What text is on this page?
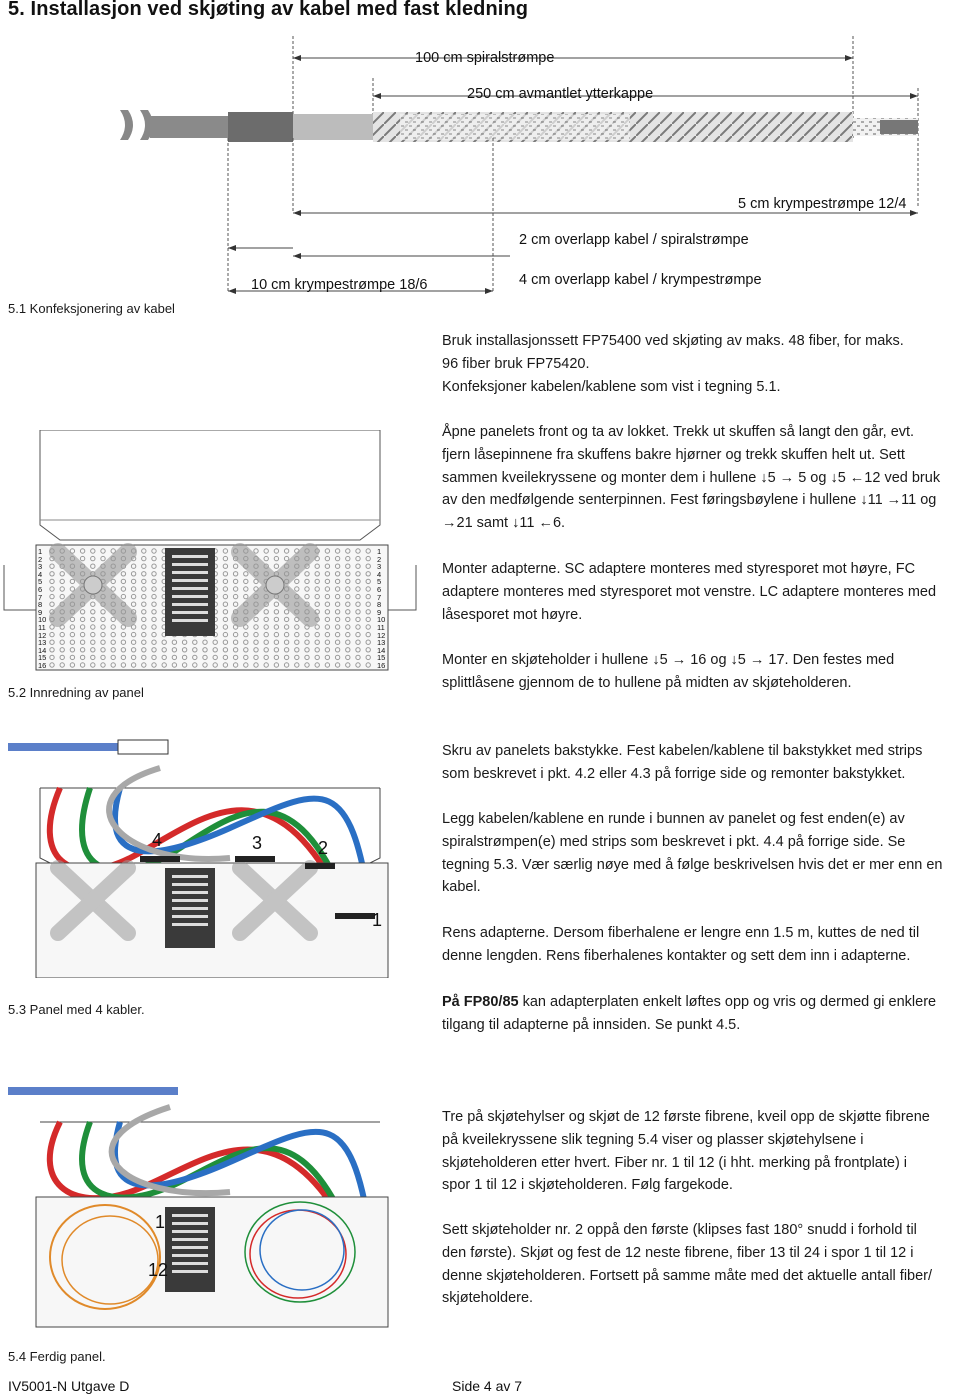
5. Installasjon ved skjøting av kabel med fast kledning
100 cm spiralstrømpe
250 cm avmantlet ytterkappe
5 cm krympestrømpe 12/4
2 cm overlapp kabel / spiralstrømpe
10 cm krympestrømpe 18/6	4 cm overlapp kabel / krympestrømpe
5.1 Konfeksjonering av kabel
1
2
3
4
5
6
7
8
9
10
11
12
13
14
15
16
1
2
3
4
5
6
7
8
9
10
11
12
13
14
15
16
5.2 Innredning av panel
4	3	2
1
5.3 Panel med 4 kabler.
1
12
5.4 Ferdig panel.

Bruk installasjonssett FP75400 ved skjøting av maks. 48 fiber, for maks.

96 fiber bruk FP75420.

Konfeksjoner kabelen/kablene som vist i tegning 5.1.

Åpne panelets front og ta av lokket. Trekk ut skuffen så langt den går, evt.

fjern låsepinnene fra skuffens bakre hjørner og trekk skuffen helt ut. Sett

sammen kveilekryssene og monter dem i hullene ↓5 → 5 og ↓5 ←12 ved bruk

av den medfølgende senterpinnen. Fest føringsbøylene i hullene ↓11 →11 og

→21 samt ↓11 ←6.

Monter adapterne. SC adaptere monteres med styresporet mot høyre, FC

adaptere monteres med styresporet mot venstre. LC adaptere monteres med

låsesporet mot høyre.

Monter en skjøteholder i hullene ↓5 → 16 og ↓5 → 17. Den festes med

splittlåsene gjennom de to hullene på midten av skjøteholderen.

Skru av panelets bakstykke. Fest kabelen/kablene til bakstykket med strips

som beskrevet i pkt. 4.2 eller 4.3 på forrige side og remonter bakstykket.

Legg kabelen/kablene en runde i bunnen av panelet og fest enden(e) av

spiralstrømpen(e) med strips som beskrevet i pkt. 4.4 på forrige side. Se

tegning 5.3. Vær særlig nøye med å følge beskrivelsen hvis det er mer enn en

kabel.

Rens adapterne. Dersom fiberhalene er lengre enn 1.5 m, kuttes de ned til

denne lengden. Rens fiberhalenes kontakter og sett dem inn i adapterne.

På FP80/85 kan adapterplaten enkelt løftes opp og vris og dermed gi enklere

tilgang til adapterne på innsiden. Se punkt 4.5.

Tre på skjøtehylser og skjøt de 12 første fibrene, kveil opp de skjøtte fibrene

på kveilekryssene slik tegning 5.4 viser og plasser skjøtehylsene i

skjøteholderen etter hvert. Fiber nr. 1 til 12 (i hht. merking på frontplate) i

spor 1 til 12 i skjøteholderen. Følg fargekode.

Sett skjøteholder nr. 2 oppå den første (klipses fast 180° snudd i forhold til

den første). Skjøt og fest de 12 neste fibrene, fiber 13 til 24 i spor 1 til 12 i

denne skjøteholderen. Fortsett på samme måte med det aktuelle antall fiber/

skjøteholdere.

IV5001-N Utgave D	Side 4 av 7
